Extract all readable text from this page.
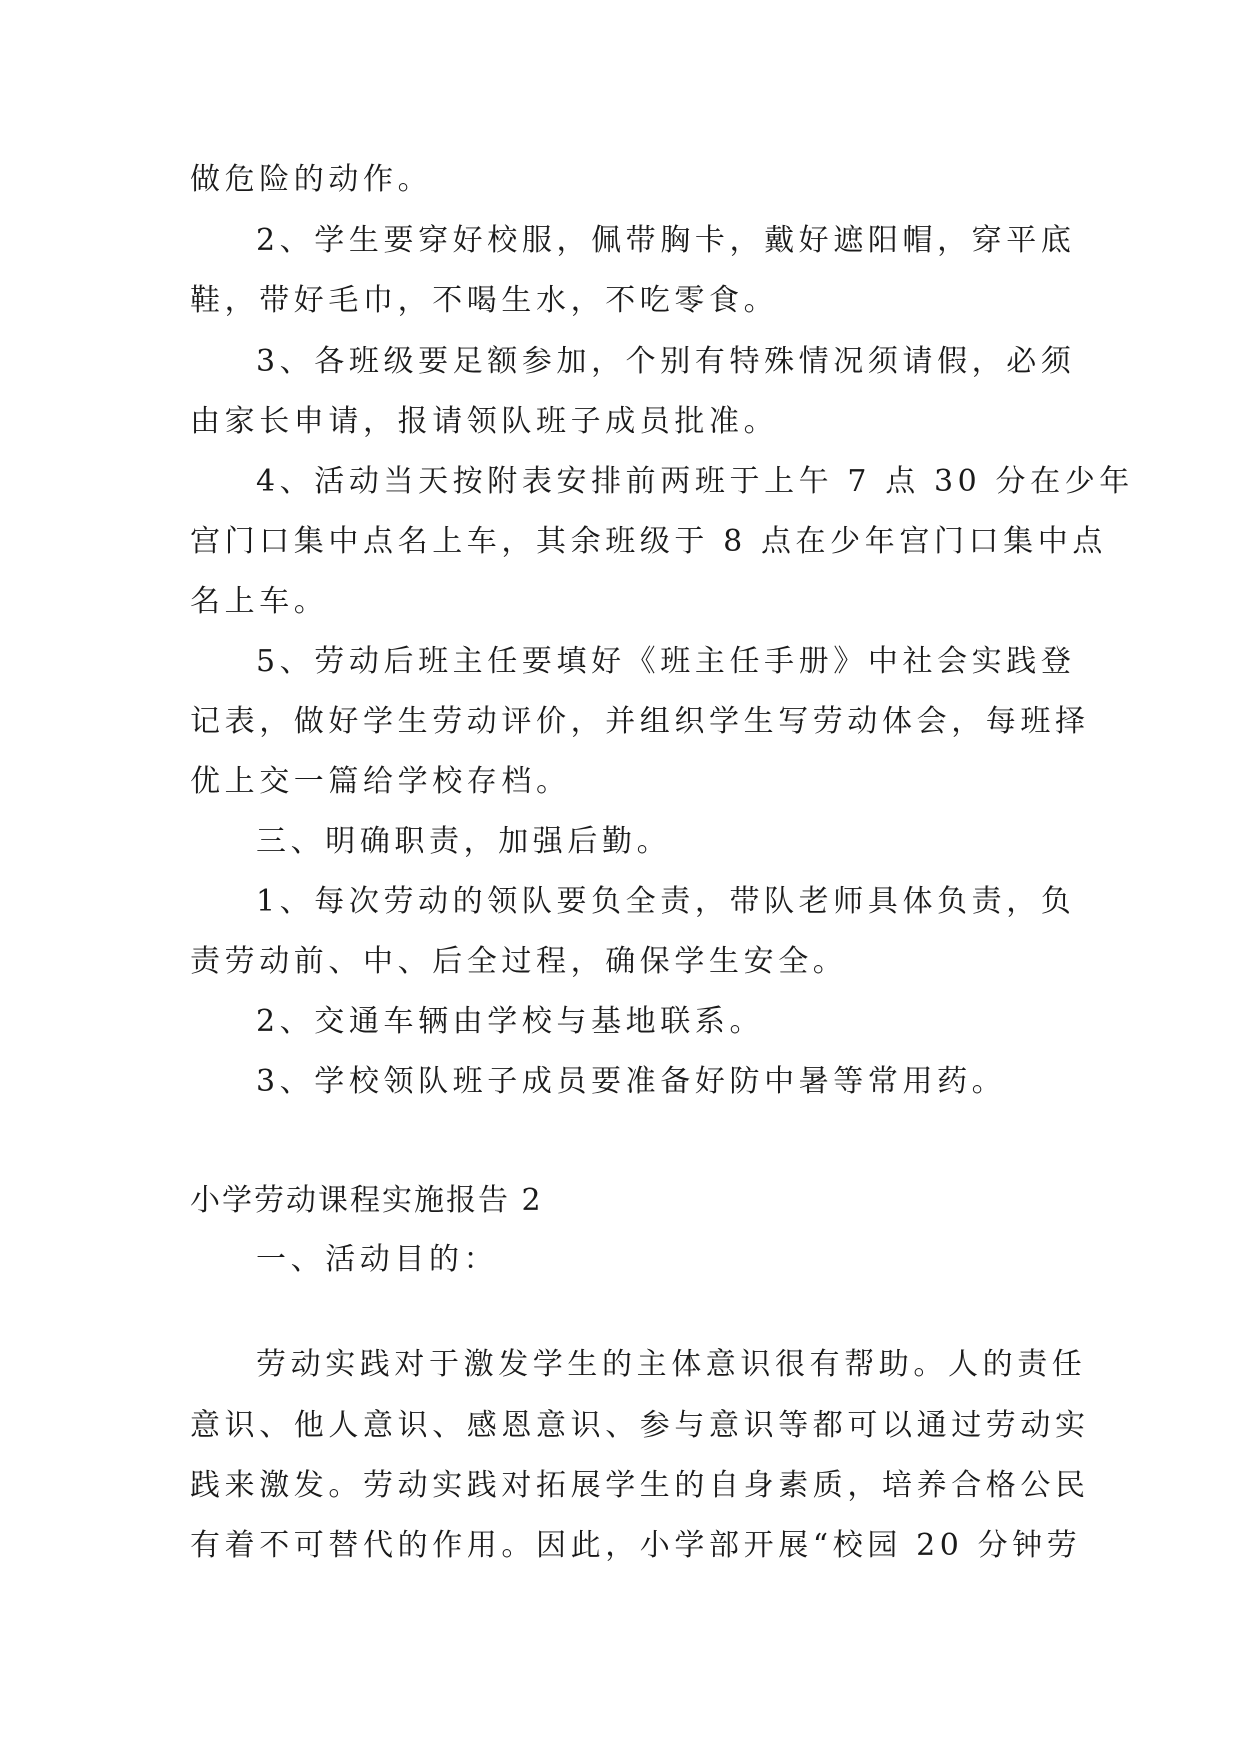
做危险的动作。
2、学生要穿好校服，佩带胸卡，戴好遮阳帽，穿平底
鞋，带好毛巾，不喝生水，不吃零食。
3、各班级要足额参加，个别有特殊情况须请假，必须
由家长申请，报请领队班子成员批准。
4、活动当天按附表安排前两班于上午 7 点 30 分在少年
宫门口集中点名上车，其余班级于 8 点在少年宫门口集中点
名上车。
5、劳动后班主任要填好《班主任手册》中社会实践登
记表，做好学生劳动评价，并组织学生写劳动体会，每班择
优上交一篇给学校存档。
三、明确职责，加强后勤。
1、每次劳动的领队要负全责，带队老师具体负责，负
责劳动前、中、后全过程，确保学生安全。
2、交通车辆由学校与基地联系。
3、学校领队班子成员要准备好防中暑等常用药。
小学劳动课程实施报告 2
一、活动目的：
劳动实践对于激发学生的主体意识很有帮助。人的责任
意识、他人意识、感恩意识、参与意识等都可以通过劳动实
践来激发。劳动实践对拓展学生的自身素质，培养合格公民
有着不可替代的作用。因此，小学部开展“校园 20 分钟劳
